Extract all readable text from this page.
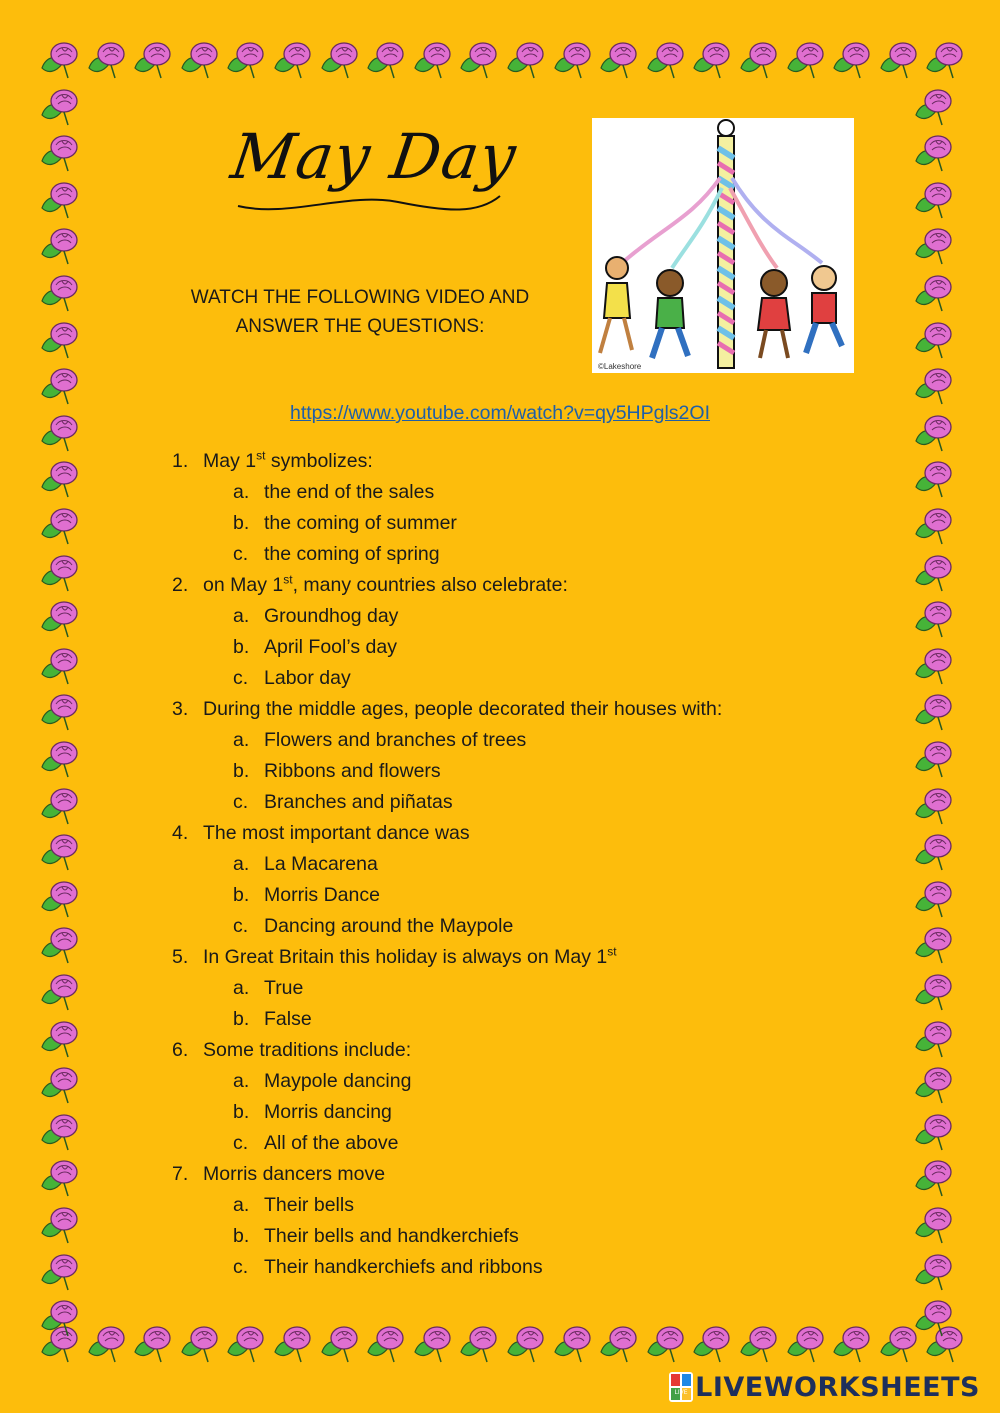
May Day
WATCH THE FOLLOWING VIDEO AND
ANSWER THE QUESTIONS:
©Lakeshore
https://www.youtube.com/watch?v=qy5HPgls2OI
1. May 1st symbolizes:
a. the end of the sales
b. the coming of summer
c. the coming of spring
2. on May 1st, many countries also celebrate:
a. Groundhog day
b. April Fool’s day
c. Labor day
3. During the middle ages, people decorated their houses with:
a. Flowers and branches of trees
b. Ribbons and flowers
c. Branches and piñatas
4. The most important dance was
a. La Macarena
b. Morris Dance
c. Dancing around the Maypole
5. In Great Britain this holiday is always on May 1st
a. True
b. False
6. Some traditions include:
a. Maypole dancing
b. Morris dancing
c. All of the above
7. Morris dancers move
a. Their bells
b. Their bells and handkerchiefs
c. Their handkerchiefs and ribbons
LIVE LIVEWORKSHEETS
